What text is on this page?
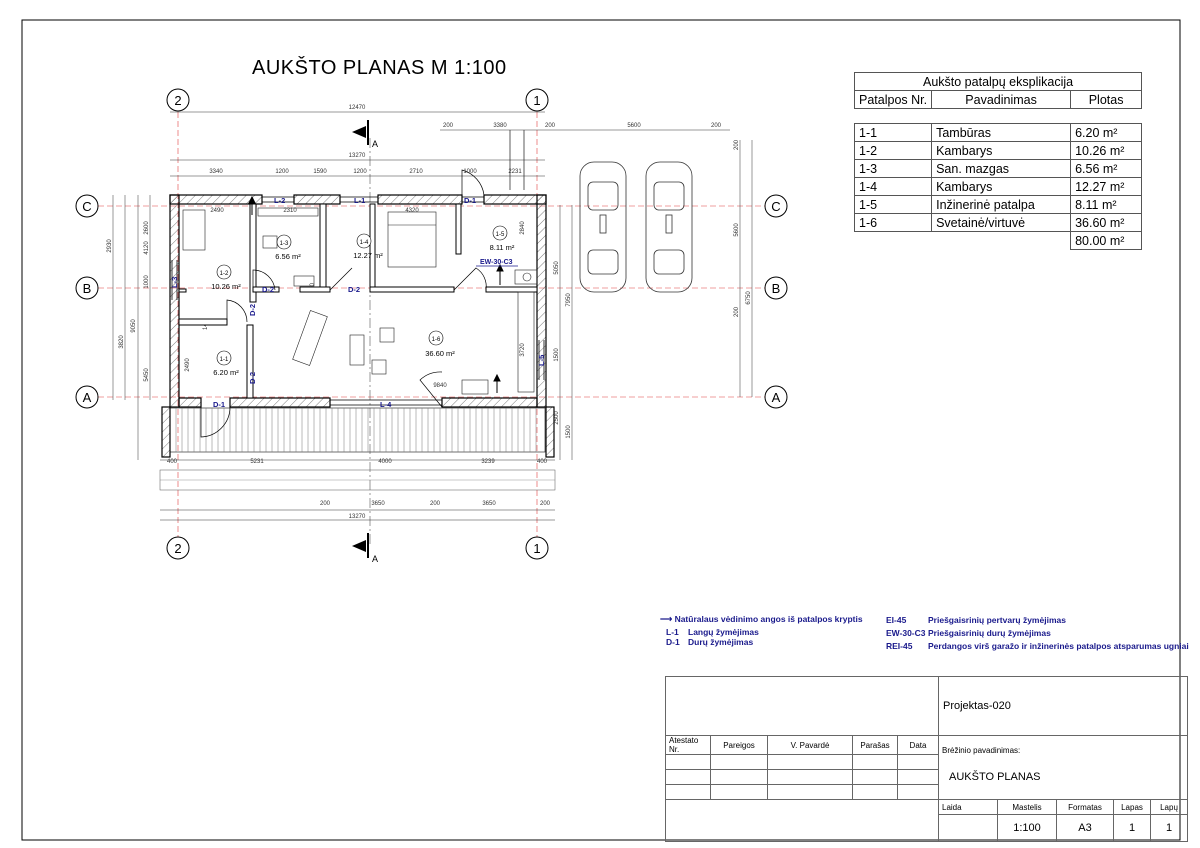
2	1
2	1
C
B
A
C
B
A
A
A
12470
13270
200	3380	200	5600	200
3340	1200	1590	1200	2710	1000	2231
400	5231	4000	3239	400
200	3650	200	3650	200
13270
2490	2310	4320
9840
2930
1000
3820
9050
5450
4120
2600
2490
5050
7950
1500
2500
1500
5600
6750
200
200
2840
3720
1-1
6.20 m²
1-2
10.26 m²
1-3
6.56 m²
1-4
12.27 m²
1-5
8.11 m²
1-6
36.60 m²
L-2	L-1	D-1
L-4
D-1
D-2	D-2
EW-30-C3
L-3
L-5
D-2
D-2
AUKŠTO PLANAS M 1:100
Aukšto patalpų eksplikacija		
Patalpos Nr.	Pavadinimas	Plotas

1-1	Tambūras	6.20 m²
1-2	Kambarys	10.26 m²
1-3	San. mazgas	6.56 m²
1-4	Kambarys	12.27 m²
1-5	Inžinerinė patalpa	8.11 m²
1-6	Svetainė/virtuvė	36.60 m²
		80.00 m²
⟶ Natūralaus vėdinimo angos iš patalpos kryptis
L-1 Langų žymėjimas
D-1 Durų žymėjimas
EI-45	Priešgaisrinių pertvarų žymėjimas
EW-30-C3 Priešgaisrinių durų žymėjimas
REI-45 Perdangos virš garažo ir inžinerinės patalpos atsparumas ugniai
					Projektas-020				

Atestato Nr.	Pareigos	V. Pavardė	Parašas	Data	Brėžinio pavadinimas:				
					AUKŠTO PLANAS				

					Laida	Mastelis	Formatas	Lapas	Lapų
						1:100	A3	1	1
